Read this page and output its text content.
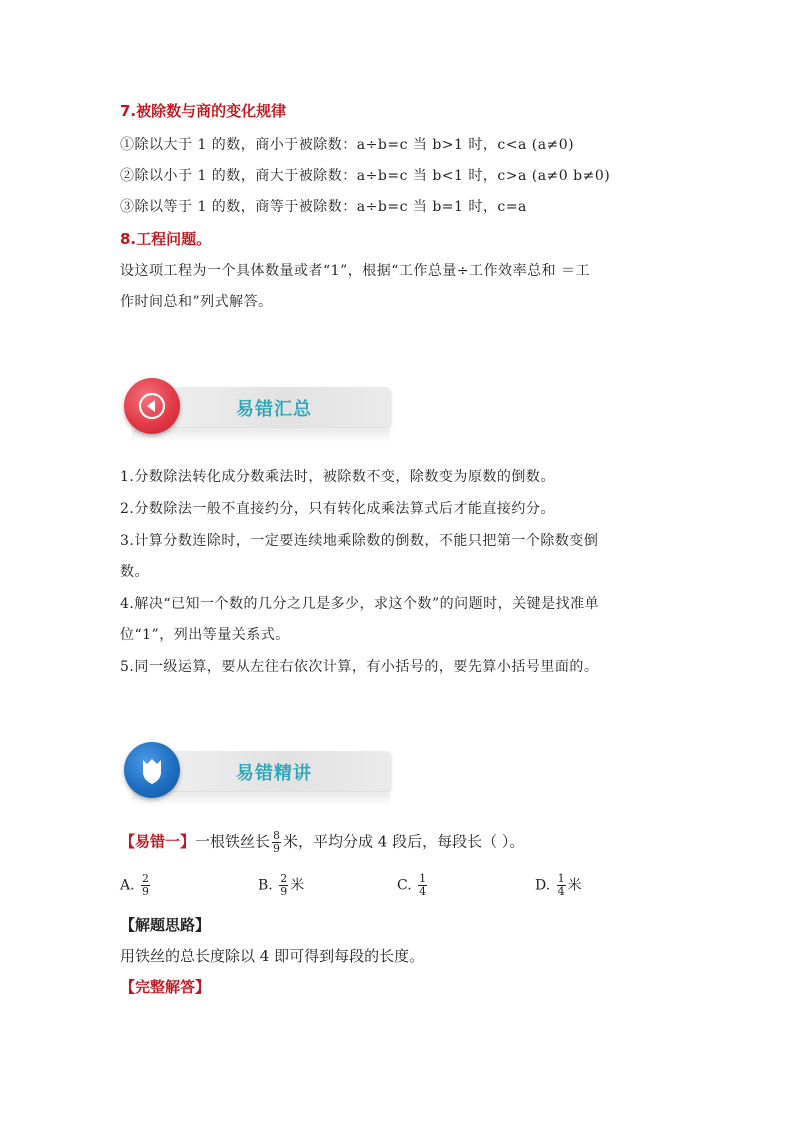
7.被除数与商的变化规律
①除以大于 1 的数，商小于被除数：a÷b=c 当 b>1 时，c<a (a≠0)
②除以小于 1 的数，商大于被除数：a÷b=c 当 b<1 时，c>a (a≠0 b≠0)
③除以等于 1 的数，商等于被除数：a÷b=c 当 b=1 时，c=a
8.工程问题。
设这项工程为一个具体数量或者“1”，根据“工作总量÷工作效率总和 ＝工
作时间总和”列式解答。
易错汇总
1.分数除法转化成分数乘法时，被除数不变，除数变为原数的倒数。
2.分数除法一般不直接约分，只有转化成乘法算式后才能直接约分。
3.计算分数连除时，一定要连续地乘除数的倒数，不能只把第一个除数变倒
数。
4.解决“已知一个数的几分之几是多少，求这个数”的问题时，关键是找准单
位“1”，列出等量关系式。
5.同一级运算，要从左往右依次计算，有小括号的，要先算小括号里面的。
易错精讲
【易错一】一根铁丝长 $\frac{8}{9}$ 米，平均分成 4 段后，每段长（ ）。
A. $\frac{2}{9}$	B. $\frac{2}{9}$ 米	C. $\frac{1}{4}$	D. $\frac{1}{4}$ 米
【解题思路】
用铁丝的总长度除以 4 即可得到每段的长度。
【完整解答】
